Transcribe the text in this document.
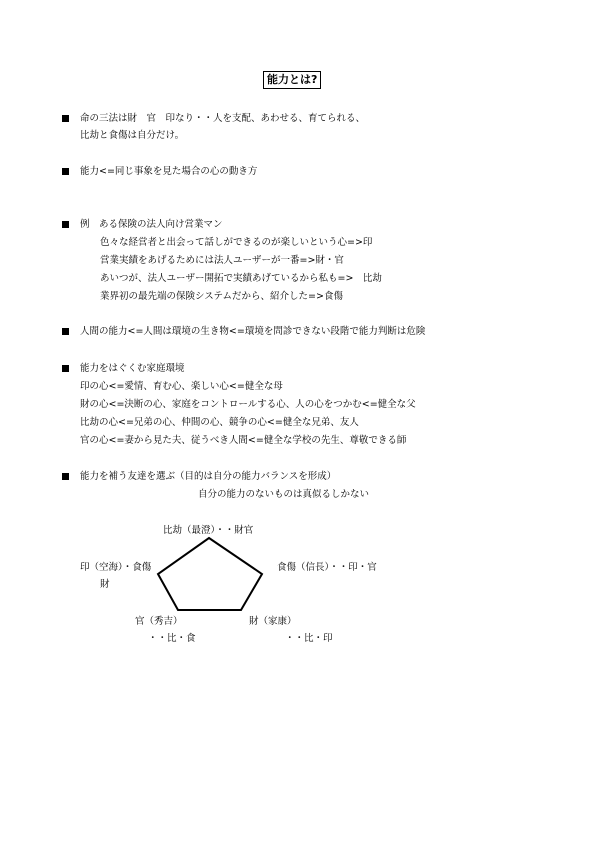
能力とは?
命の三法は財　官　印なり・・人を支配、あわせる、育てられる、
比劫と食傷は自分だけ。
能力<=同じ事象を見た場合の心の動き方
例　ある保険の法人向け営業マン
色々な経営者と出会って話しができるのが楽しいという心=>印
営業実績をあげるためには法人ユーザーが一番=>財・官
あいつが、法人ユーザー開拓で実績あげているから私も=>　比劫
業界初の最先端の保険システムだから、紹介した=>食傷
人間の能力<=人間は環境の生き物<=環境を問診できない段階で能力判断は危険
能力をはぐくむ家庭環境
印の心<=愛情、育む心、楽しい心<=健全な母
財の心<=決断の心、家庭をコントロールする心、人の心をつかむ<=健全な父
比劫の心<=兄弟の心、仲間の心、競争の心<=健全な兄弟、友人
官の心<=妻から見た夫、従うべき人間<=健全な学校の先生、尊敬できる師
能力を補う友達を選ぶ（目的は自分の能力バランスを形成）
自分の能力のないものは真似るしかない
比劫（最澄）・・財官
印（空海）・食傷
財
食傷（信長）・・印・官
官（秀吉）
・・比・食
財（家康）
・・比・印
